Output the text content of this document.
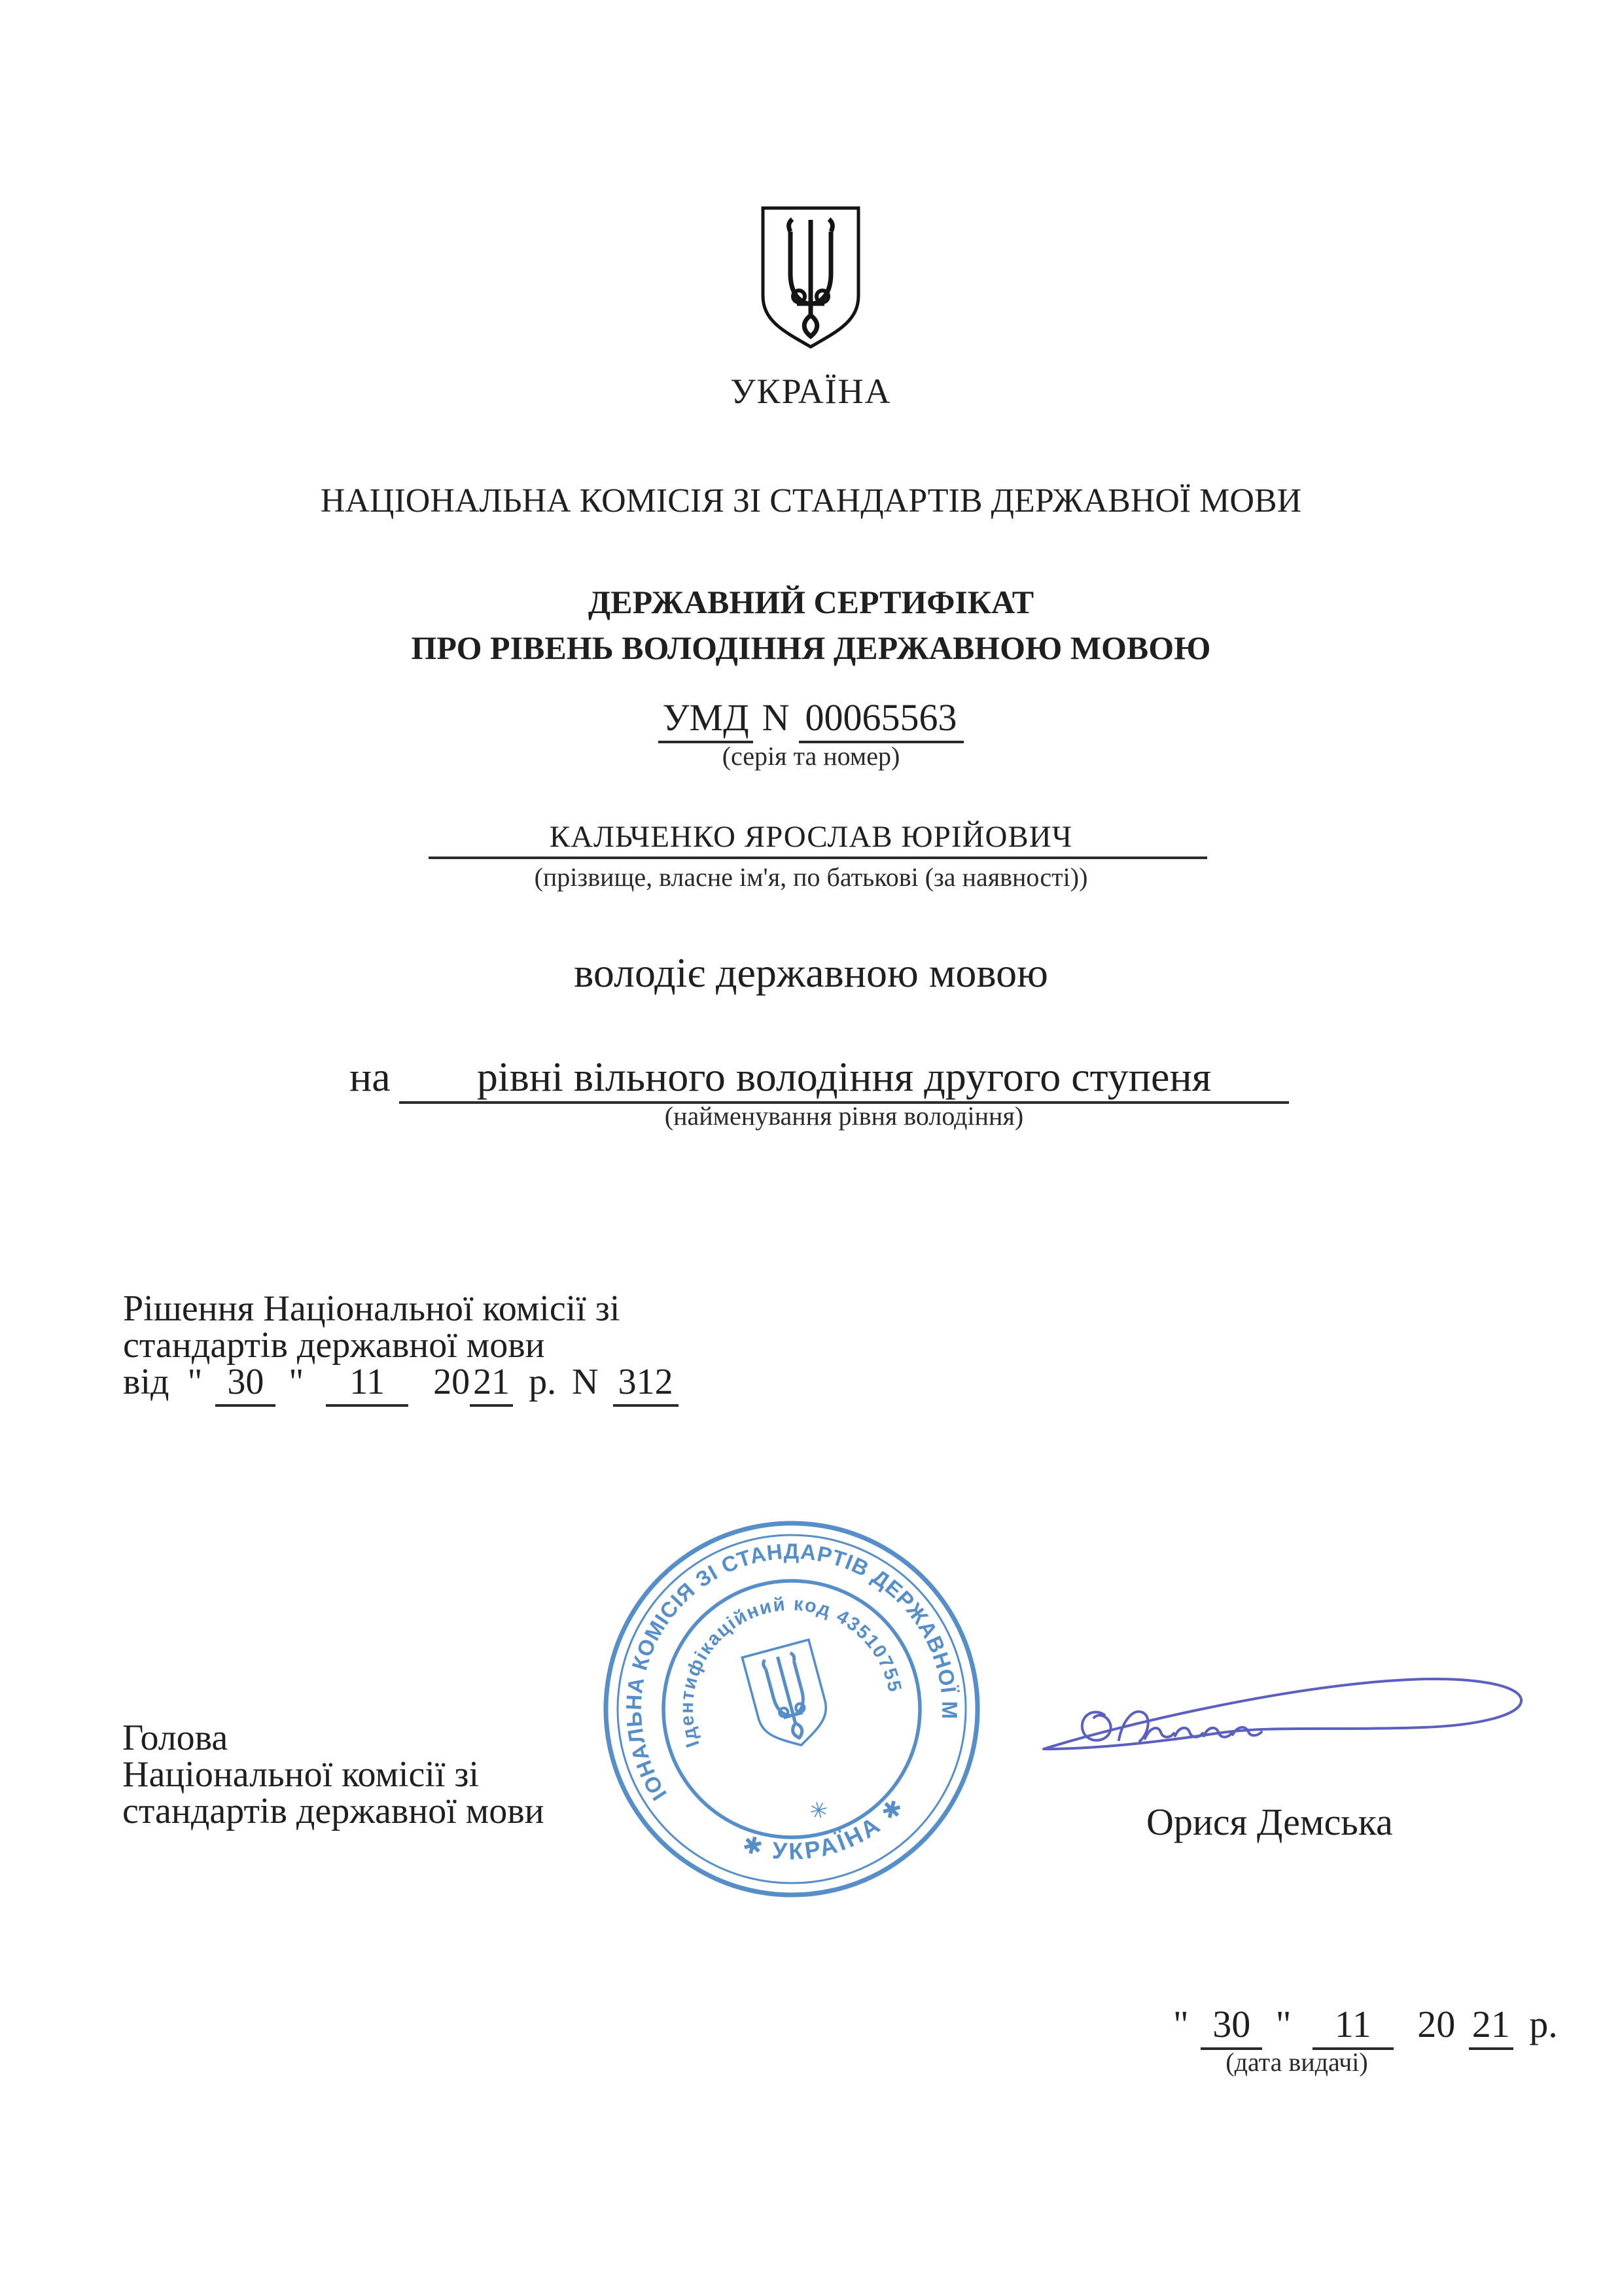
УКРАЇНА
НАЦІОНАЛЬНА КОМІСІЯ ЗІ СТАНДАРТІВ ДЕРЖАВНОЇ МОВИ
ДЕРЖАВНИЙ СЕРТИФІКАТ
ПРО РІВЕНЬ ВОЛОДІННЯ ДЕРЖАВНОЮ МОВОЮ
УМД N 00065563
(серія та номер)
КАЛЬЧЕНКО ЯРОСЛАВ ЮРІЙОВИЧ
(прізвище, власне ім'я, по батькові (за наявності))
володіє державною мовою
на	рівні вільного володіння другого ступеня
(найменування рівня володіння)
Рішення Національної комісії зі
стандартів державної мови
від " 30 " 11 2021 р. N 312
НАЦІОНАЛЬНА КОМІСІЯ ЗІ СТАНДАРТІВ ДЕРЖАВНОЇ МОВИ
✱ УКРАЇНА ✱
Ідентифікаційний код 43510755
✳
Голова
Національної комісії зі
стандартів державної мови	Орися Демська
" 30 " 11 20 21 р.
(дата видачі)
